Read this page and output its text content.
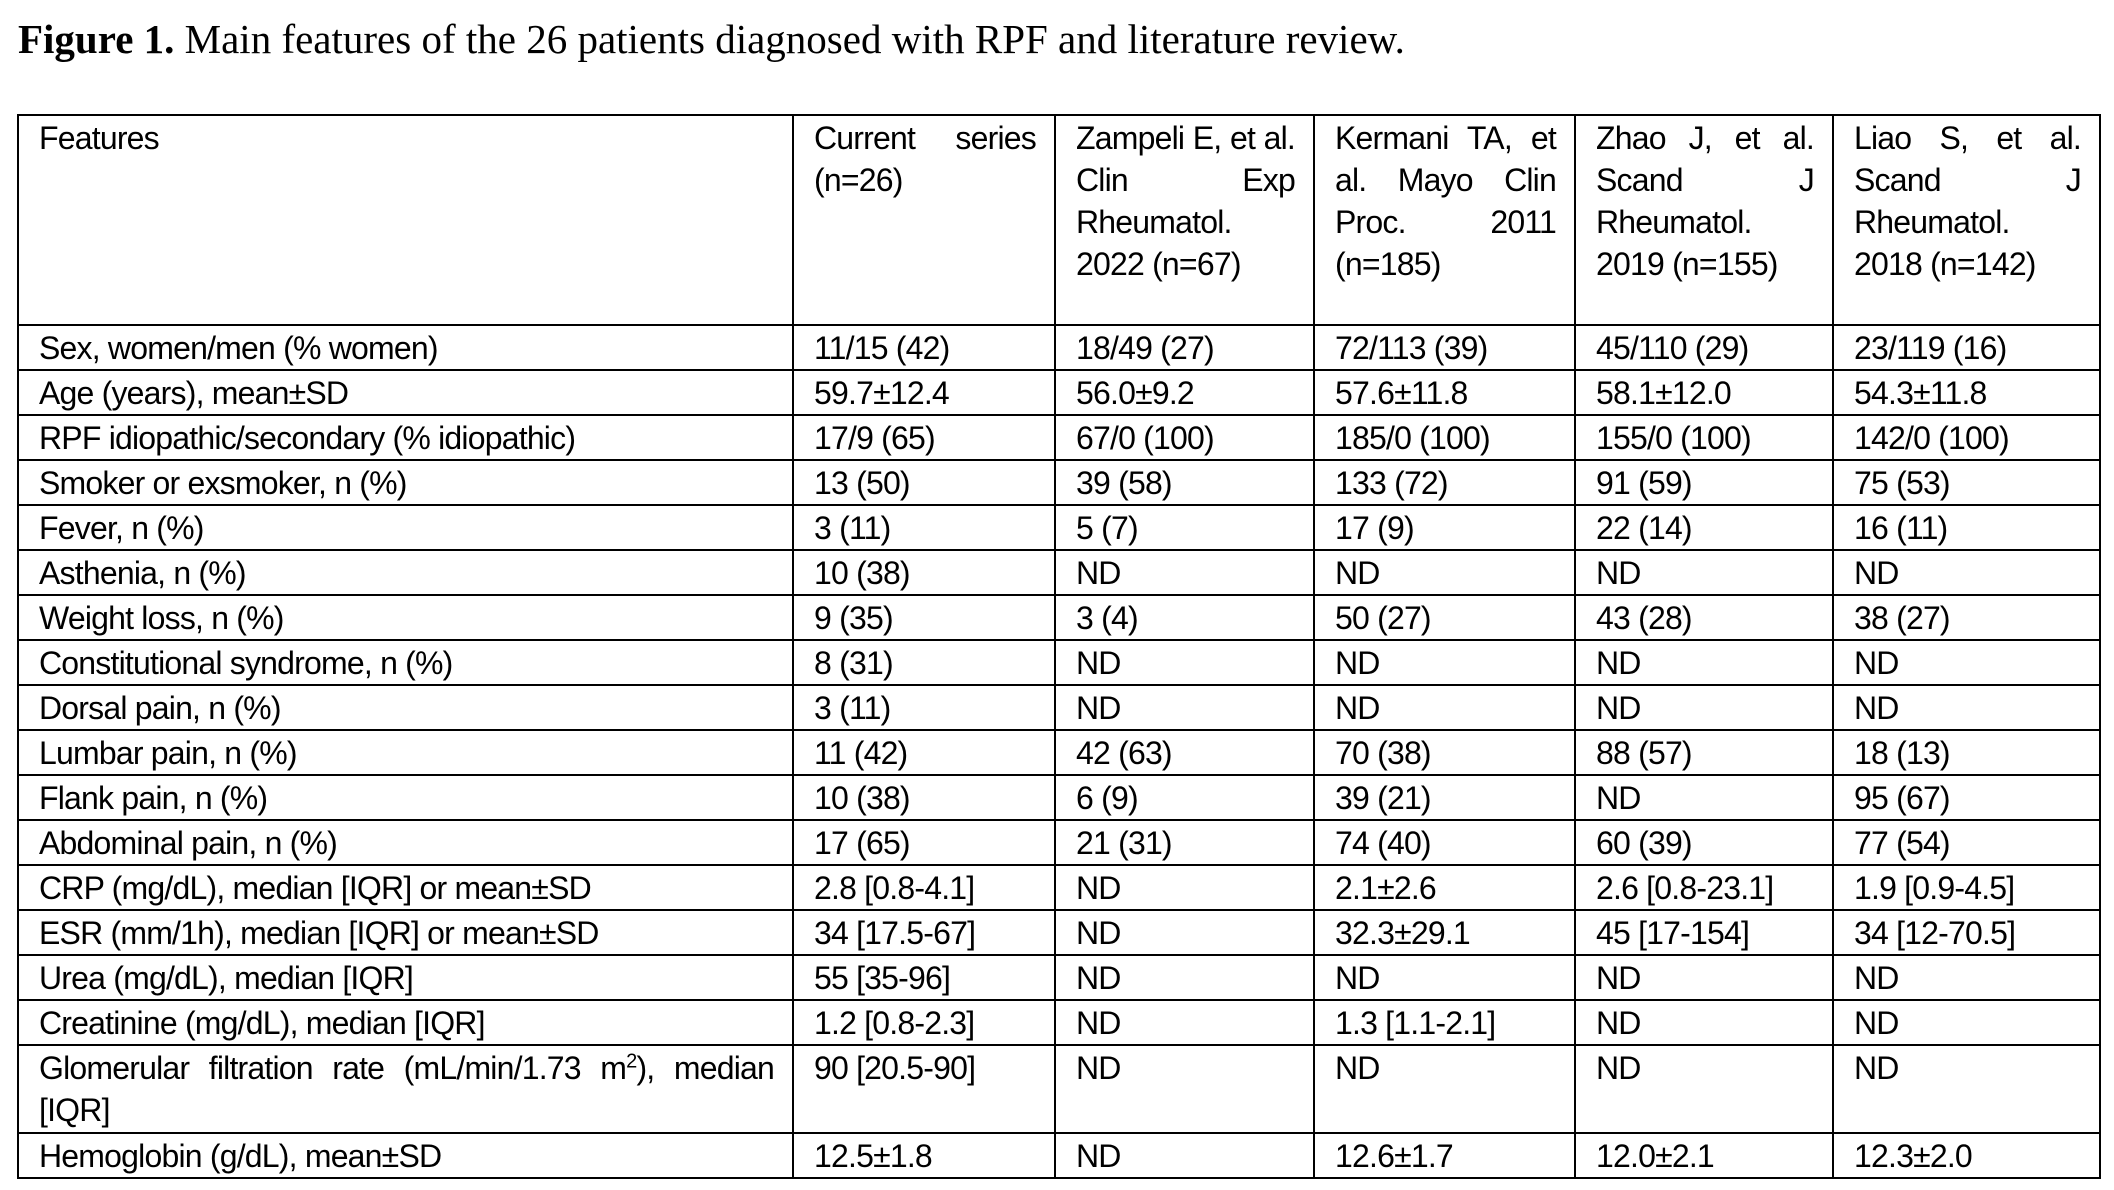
Figure 1. Main features of the 26 patients diagnosed with RPF and literature review.
Features	Current series (n=26)	Zampeli E, et al. Clin Exp Rheumatol. 2022 (n=67)	Kermani TA, et al. Mayo Clin Proc. 2011 (n=185)	Zhao J, et al. Scand J Rheumatol. 2019 (n=155)	Liao S, et al. Scand J Rheumatol. 2018 (n=142)
Sex, women/men (% women)	11/15 (42)	18/49 (27)	72/113 (39)	45/110 (29)	23/119 (16)
Age (years), mean±SD	59.7±12.4	56.0±9.2	57.6±11.8	58.1±12.0	54.3±11.8
RPF idiopathic/secondary (% idiopathic)	17/9 (65)	67/0 (100)	185/0 (100)	155/0 (100)	142/0 (100)
Smoker or exsmoker, n (%)	13 (50)	39 (58)	133 (72)	91 (59)	75 (53)
Fever, n (%)	3 (11)	5 (7)	17 (9)	22 (14)	16 (11)
Asthenia, n (%)	10 (38)	ND	ND	ND	ND
Weight loss, n (%)	9 (35)	3 (4)	50 (27)	43 (28)	38 (27)
Constitutional syndrome, n (%)	8 (31)	ND	ND	ND	ND
Dorsal pain, n (%)	3 (11)	ND	ND	ND	ND
Lumbar pain, n (%)	11 (42)	42 (63)	70 (38)	88 (57)	18 (13)
Flank pain, n (%)	10 (38)	6 (9)	39 (21)	ND	95 (67)
Abdominal pain, n (%)	17 (65)	21 (31)	74 (40)	60 (39)	77 (54)
CRP (mg/dL), median [IQR] or mean±SD	2.8 [0.8-4.1]	ND	2.1±2.6	2.6 [0.8-23.1]	1.9 [0.9-4.5]
ESR (mm/1h), median [IQR] or mean±SD	34 [17.5-67]	ND	32.3±29.1	45 [17-154]	34 [12-70.5]
Urea (mg/dL), median [IQR]	55 [35-96]	ND	ND	ND	ND
Creatinine (mg/dL), median [IQR]	1.2 [0.8-2.3]	ND	1.3 [1.1-2.1]	ND	ND
Glomerular filtration rate (mL/min/1.73 $m^2$), median [IQR]	90 [20.5-90]	ND	ND	ND	ND
Hemoglobin (g/dL), mean±SD	12.5±1.8	ND	12.6±1.7	12.0±2.1	12.3±2.0
